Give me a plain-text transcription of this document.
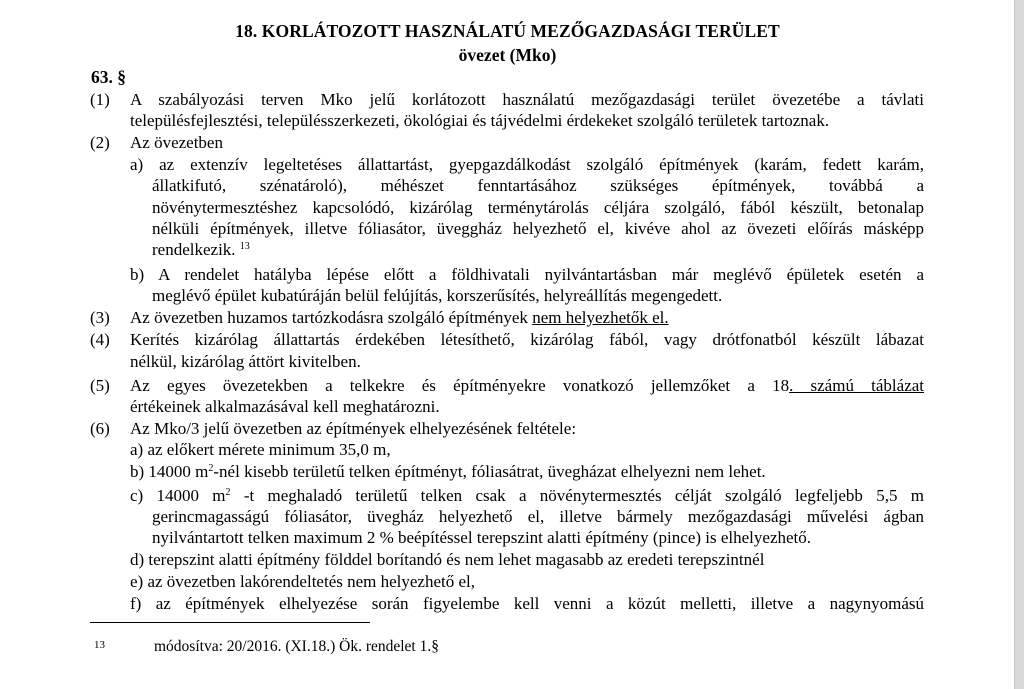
18. KORLÁTOZOTT HASZNÁLATÚ MEZŐGAZDASÁGI TERÜLET
övezet (Mko)
63. §
(1) A szabályozási terven Mko jelű korlátozott használatú mezőgazdasági terület övezetébe a távlati
településfejlesztési, településszerkezeti, ökológiai és tájvédelmi érdekeket szolgáló területek tartoznak.
(2) Az övezetben
a) az extenzív legeltetéses állattartást, gyepgazdálkodást szolgáló építmények (karám, fedett karám,
állatkifutó, szénatároló), méhészet fenntartásához szükséges építmények, továbbá a
növénytermesztéshez kapcsolódó, kizárólag terménytárolás céljára szolgáló, fából készült, betonalap
nélküli építmények, illetve fóliasátor, üveggház helyezhető el, kivéve ahol az övezeti előírás másképp
rendelkezik. $^{13}$
b) A rendelet hatályba lépése előtt a földhivatali nyilvántartásban már meglévő épületek esetén a
meglévő épület kubatúráján belül felújítás, korszerűsítés, helyreállítás megengedett.
(3) Az övezetben huzamos tartózkodásra szolgáló építmények nem helyezhetők el.
(4) Kerítés kizárólag állattartás érdekében létesíthető, kizárólag fából, vagy drótfonatból készült lábazat
nélkül, kizárólag áttört kivitelben.
(5) Az egyes övezetekben a telkekre és építményekre vonatkozó jellemzőket a 18. számú táblázat
értékeinek alkalmazásával kell meghatározni.
(6) Az Mko/3 jelű övezetben az építmények elhelyezésének feltétele:
a) az előkert mérete minimum 35,0 m,
b) 14000 $m^2$-nél kisebb területű telken építményt, fóliasátrat, üvegházat elhelyezni nem lehet.
c) 14000 $m^2$ -t meghaladó területű telken csak a növénytermesztés célját szolgáló legfeljebb 5,5 m
gerincmagasságú fóliasátor, üvegház helyezhető el, illetve bármely mezőgazdasági művelési ágban
nyilvántartott telken maximum 2 % beépítéssel terepszint alatti építmény (pince) is elhelyezhető.
d) terepszint alatti építmény földdel borítandó és nem lehet magasabb az eredeti terepszintnél
e) az övezetben lakórendeltetés nem helyezhető el,
f) az építmények elhelyezése során figyelembe kell venni a közút melletti, illetve a nagynyomású
13	módosítva: 20/2016. (XI.18.) Ök. rendelet 1.§
